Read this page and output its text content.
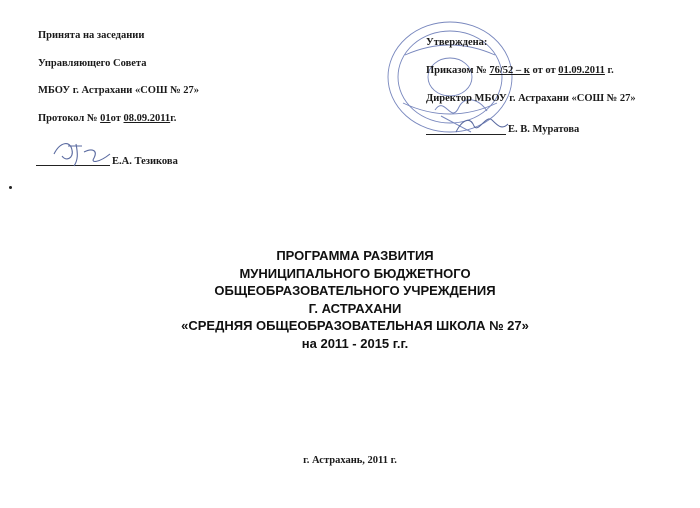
Принята на заседании
Управляющего Совета
МБОУ г. Астрахани «СОШ № 27»
Протокол № 01от 08.09.2011г.
Е.А. Тезикова
Утверждена:
Приказом № 76/52 – к от от 01.09.2011 г.
Директор МБОУ г. Астрахани «СОШ № 27»
Е. В. Муратова
ПРОГРАММА РАЗВИТИЯ
МУНИЦИПАЛЬНОГО БЮДЖЕТНОГО
ОБЩЕОБРАЗОВАТЕЛЬНОГО УЧРЕЖДЕНИЯ
Г. АСТРАХАНИ
«СРЕДНЯЯ ОБЩЕОБРАЗОВАТЕЛЬНАЯ ШКОЛА № 27»
на 2011 - 2015 г.г.
г. Астрахань, 2011 г.
